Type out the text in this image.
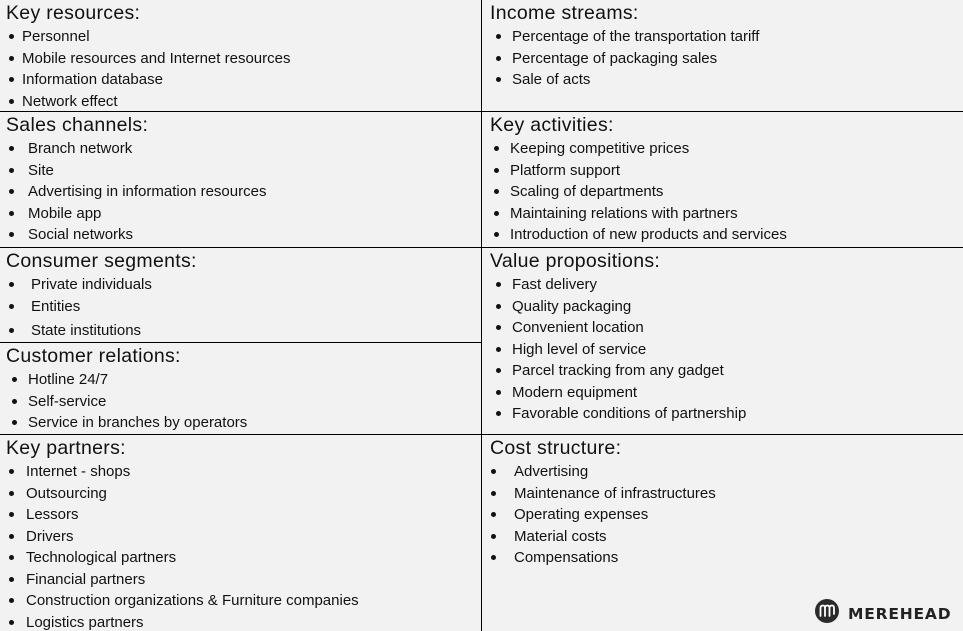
Key resources:
Personnel
Mobile resources and Internet resources
Information database
Network effect
Income streams:
Percentage of the transportation tariff
Percentage of packaging sales
Sale of acts
Sales channels:
Branch network
Site
Advertising in information resources
Mobile app
Social networks
Key activities:
Keeping competitive prices
Platform support
Scaling of departments
Maintaining relations with partners
Introduction of new products and services
Consumer segments:
Private individuals
Entities
State institutions
Customer relations:
Hotline 24/7
Self-service
Service in branches by operators
Value propositions:
Fast delivery
Quality packaging
Convenient location
High level of service
Parcel tracking from any gadget
Modern equipment
Favorable conditions of partnership
Key partners:
Internet - shops
Outsourcing
Lessors
Drivers
Technological partners
Financial partners
Construction organizations & Furniture companies
Logistics partners
Cost structure:
Advertising
Maintenance of infrastructures
Operating expenses
Material costs
Compensations
MEREHEAD
